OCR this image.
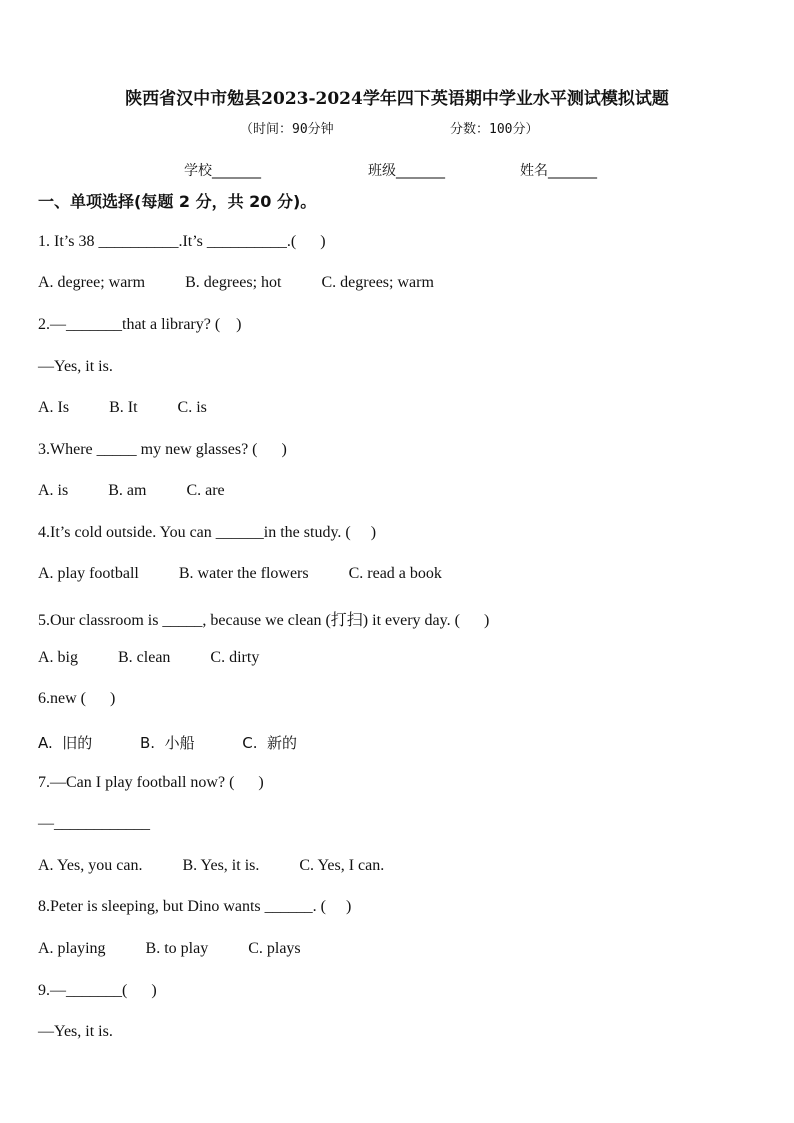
陕西省汉中市勉县2023-2024学年四下英语期中学业水平测试模拟试题
（时间：90分钟	分数：100分）
学校_______	班级_______	姓名_______
一、单项选择(每题 2 分，共 20 分)。
1. It’s 38 __________.It’s __________.(      )
A. degree; warm          B. degrees; hot          C. degrees; warm
2.—_______that a library? (    )
—Yes, it is.
A. Is          B. It          C. is
3.Where _____ my new glasses? (      )
A. is          B. am          C. are
4.It’s cold outside. You can ______in the study. (     )
A. play football          B. water the flowers          C. read a book
5.Our classroom is _____, because we clean (打扫) it every day. (      )
A. big          B. clean          C. dirty
6.new (      )
A.  旧的          B.  小船          C.  新的
7.—Can I play football now? (      )
—____________
A. Yes, you can.          B. Yes, it is.          C. Yes, I can.
8.Peter is sleeping, but Dino wants ______. (     )
A. playing          B. to play          C. plays
9.—_______(      )
—Yes, it is.
